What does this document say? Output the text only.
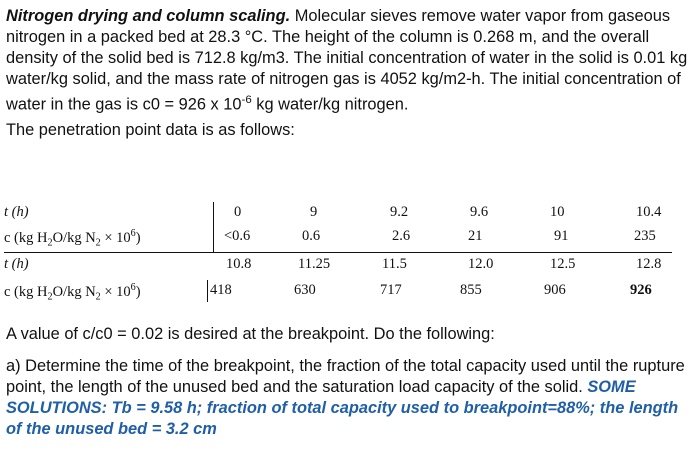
Nitrogen drying and column scaling. Molecular sieves remove water vapor from gaseous nitrogen in a packed bed at 28.3 °C. The height of the column is 0.268 m, and the overall density of the solid bed is 712.8 kg/m3. The initial concentration of water in the solid is 0.01 kg water/kg solid, and the mass rate of nitrogen gas is 4052 kg/m2-h. The initial concentration of water in the gas is c0 = 926 x $10^{-6}$ kg water/kg nitrogen.
The penetration point data is as follows:
t (h)	0	9	9.2	9.6	10	10.4
c (kg $H_2O/kg$ $N_2 \times 10^6$)	<0.6	0.6	2.6	21	91	235
t (h)	10.8	11.25	11.5	12.0	12.5	12.8
c (kg $H_2O/kg$ $N_2 \times 10^6$)	418	630	717	855	906	926
A value of c/c0 = 0.02 is desired at the breakpoint. Do the following:
a) Determine the time of the breakpoint, the fraction of the total capacity used until the rupture point, the length of the unused bed and the saturation load capacity of the solid. SOME SOLUTIONS: Tb = 9.58 h; fraction of total capacity used to breakpoint=88%; the length of the unused bed = 3.2 cm
